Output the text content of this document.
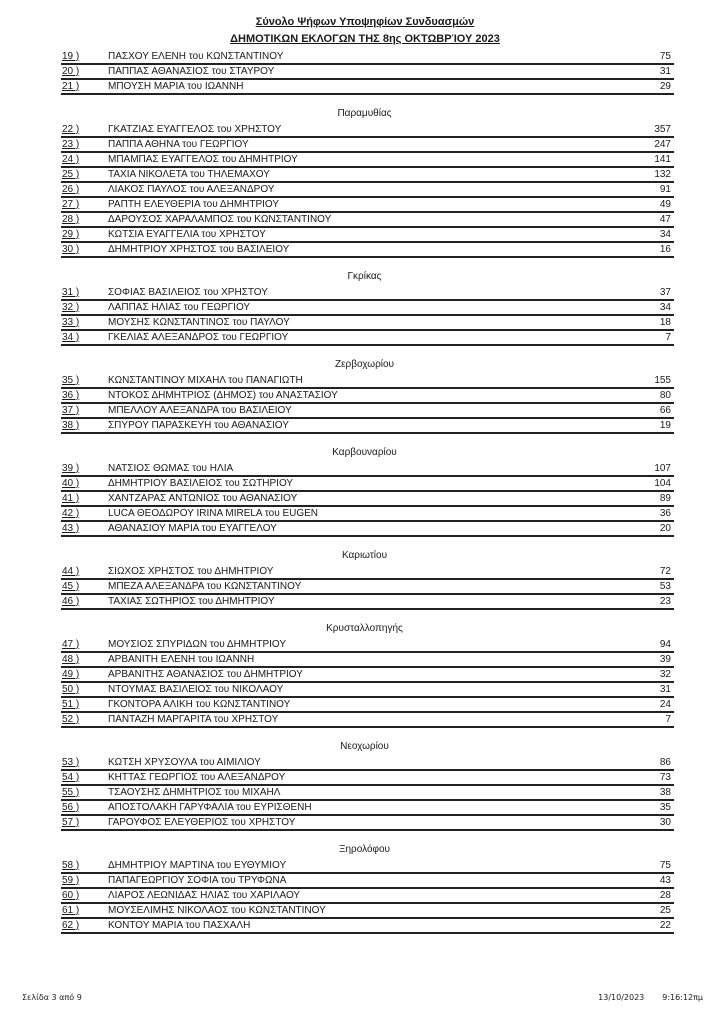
Σύνολο Ψήφων Υποψηφίων Συνδυασμών
ΔΗΜΟΤΙΚΩΝ ΕΚΛΟΓΩΝ ΤΗΣ 8ης ΟΚΤΩΒΡΊΟΥ 2023
19 )	ΠΑΣΧΟΥ ΕΛΕΝΗ του ΚΩΝΣΤΑΝΤΙΝΟΥ	75
20 )	ΠΑΠΠΑΣ ΑΘΑΝΑΣΙΟΣ του ΣΤΑΥΡΟΥ	31
21 )	ΜΠΟΥΣΗ ΜΑΡΙΑ του ΙΩΑΝΝΗ	29
Παραμυθίας
22 )	ΓΚΑΤΖΙΑΣ ΕΥΑΓΓΕΛΟΣ του ΧΡΗΣΤΟΥ	357
23 )	ΠΑΠΠΑ ΑΘΗΝΑ του ΓΕΩΡΓΙΟΥ	247
24 )	ΜΠΑΜΠΑΣ ΕΥΑΓΓΕΛΟΣ του ΔΗΜΗΤΡΙΟΥ	141
25 )	ΤΑΧΙΑ ΝΙΚΟΛΕΤΑ του ΤΗΛΕΜΑΧΟΥ	132
26 )	ΛΙΑΚΟΣ ΠΑΥΛΟΣ του ΑΛΕΞΑΝΔΡΟΥ	91
27 )	ΡΑΠΤΗ ΕΛΕΥΘΕΡΙΑ του ΔΗΜΗΤΡΙΟΥ	49
28 )	ΔΑΡΟΥΣΟΣ ΧΑΡΑΛΑΜΠΟΣ του ΚΩΝΣΤΑΝΤΙΝΟΥ	47
29 )	ΚΩΤΣΙΑ ΕΥΑΓΓΕΛΙΑ του ΧΡΗΣΤΟΥ	34
30 )	ΔΗΜΗΤΡΙΟΥ ΧΡΗΣΤΟΣ του ΒΑΣΙΛΕΙΟΥ	16
Γκρίκας
31 )	ΣΟΦΙΑΣ ΒΑΣΙΛΕΙΟΣ του ΧΡΗΣΤΟΥ	37
32 )	ΛΑΠΠΑΣ ΗΛΙΑΣ του ΓΕΩΡΓΙΟΥ	34
33 )	ΜΟΥΣΗΣ ΚΩΝΣΤΑΝΤΙΝΟΣ του ΠΑΥΛΟΥ	18
34 )	ΓΚΕΛΙΑΣ ΑΛΕΞΑΝΔΡΟΣ του ΓΕΩΡΓΙΟΥ	7
Ζερβοχωρίου
35 )	ΚΩΝΣΤΑΝΤΙΝΟΥ ΜΙΧΑΗΛ του ΠΑΝΑΓΙΩΤΗ	155
36 )	ΝΤΟΚΟΣ ΔΗΜΗΤΡΙΟΣ (ΔΗΜΟΣ) του ΑΝΑΣΤΑΣΙΟΥ	80
37 )	ΜΠΕΛΛΟΥ ΑΛΕΞΑΝΔΡΑ του ΒΑΣΙΛΕΙΟΥ	66
38 )	ΣΠΥΡΟΥ ΠΑΡΑΣΚΕΥΗ του ΑΘΑΝΑΣΙΟΥ	19
Καρβουναρίου
39 )	ΝΑΤΣΙΟΣ ΘΩΜΑΣ του ΗΛΙΑ	107
40 )	ΔΗΜΗΤΡΙΟΥ ΒΑΣΙΛΕΙΟΣ του ΣΩΤΗΡΙΟΥ	104
41 )	ΧΑΝΤΖΑΡΑΣ ΑΝΤΩΝΙΟΣ του ΑΘΑΝΑΣΙΟΥ	89
42 )	LUCA ΘΕΟΔΩΡΟΥ IRINA MIRELA του EUGEN	36
43 )	ΑΘΑΝΑΣΙΟΥ ΜΑΡΙΑ του ΕΥΑΓΓΕΛΟΥ	20
Καριωτίου
44 )	ΣΙΩΧΟΣ ΧΡΗΣΤΟΣ του ΔΗΜΗΤΡΙΟΥ	72
45 )	ΜΠΕΖΑ ΑΛΕΞΑΝΔΡΑ του ΚΩΝΣΤΑΝΤΙΝΟΥ	53
46 )	ΤΑΧΙΑΣ ΣΩΤΗΡΙΟΣ του ΔΗΜΗΤΡΙΟΥ	23
Κρυσταλλοπηγής
47 )	ΜΟΥΣΙΟΣ ΣΠΥΡΙΔΩΝ του ΔΗΜΗΤΡΙΟΥ	94
48 )	ΑΡΒΑΝΙΤΗ ΕΛΕΝΗ του ΙΩΑΝΝΗ	39
49 )	ΑΡΒΑΝΙΤΗΣ ΑΘΑΝΑΣΙΟΣ του ΔΗΜΗΤΡΙΟΥ	32
50 )	ΝΤΟΥΜΑΣ ΒΑΣΙΛΕΙΟΣ του ΝΙΚΟΛΑΟΥ	31
51 )	ΓΚΟΝΤΟΡΑ ΑΛΙΚΗ του ΚΩΝΣΤΑΝΤΙΝΟΥ	24
52 )	ΠΑΝΤΑΖΗ ΜΑΡΓΑΡΙΤΑ του ΧΡΗΣΤΟΥ	7
Νεοχωρίου
53 )	ΚΩΤΣΗ ΧΡΥΣΟΥΛΑ του ΑΙΜΙΛΙΟΥ	86
54 )	ΚΗΤΤΑΣ ΓΕΩΡΓΙΟΣ του ΑΛΕΞΑΝΔΡΟΥ	73
55 )	ΤΣΑΟΥΣΗΣ ΔΗΜΗΤΡΙΟΣ του ΜΙΧΑΗΛ	38
56 )	ΑΠΟΣΤΟΛΑΚΗ ΓΑΡΥΦΑΛΙΑ του ΕΥΡΙΣΘΕΝΗ	35
57 )	ΓΑΡΟΥΦΟΣ ΕΛΕΥΘΕΡΙΟΣ του ΧΡΗΣΤΟΥ	30
Ξηρολόφου
58 )	ΔΗΜΗΤΡΙΟΥ ΜΑΡΤΙΝΑ του ΕΥΘΥΜΙΟΥ	75
59 )	ΠΑΠΑΓΕΩΡΓΙΟΥ ΣΟΦΙΑ του ΤΡΥΦΩΝΑ	43
60 )	ΛΙΑΡΟΣ ΛΕΩΝΙΔΑΣ ΗΛΙΑΣ του ΧΑΡΙΛΑΟΥ	28
61 )	ΜΟΥΣΕΛΙΜΗΣ ΝΙΚΟΛΑΟΣ του ΚΩΝΣΤΑΝΤΙΝΟΥ	25
62 )	ΚΟΝΤΟΥ ΜΑΡΙΑ του ΠΑΣΧΑΛΗ	22
Σελίδα 3 από 9	13/10/2023 9:16:12πμ
